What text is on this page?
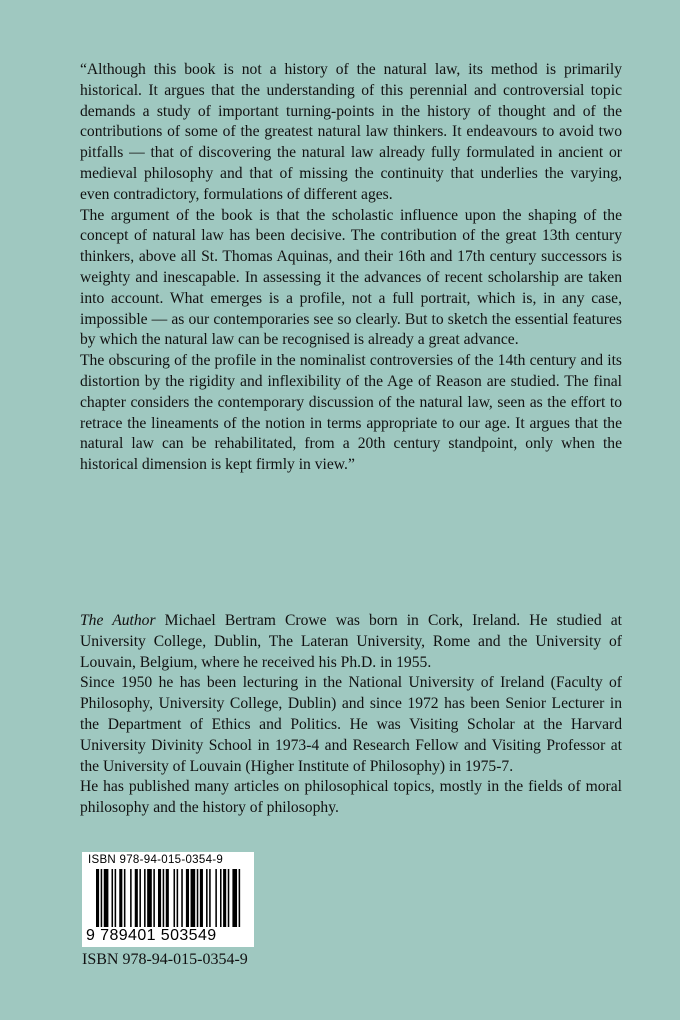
“Although this book is not a history of the natural law, its method is primarily historical. It argues that the understanding of this perennial and controversial topic demands a study of important turning-points in the history of thought and of the contributions of some of the greatest natural law thinkers. It endeavours to avoid two pitfalls — that of discovering the natural law already fully formulated in ancient or medieval philosophy and that of missing the continuity that underlies the varying, even contradictory, formulations of different ages.

The argument of the book is that the scholastic influence upon the shaping of the concept of natural law has been decisive. The contribution of the great 13th century thinkers, above all St. Thomas Aquinas, and their 16th and 17th century successors is weighty and inescapable. In assessing it the advances of recent scholarship are taken into account. What emerges is a profile, not a full portrait, which is, in any case, impossible — as our contemporaries see so clearly. But to sketch the essential features by which the natural law can be recognised is already a great advance.

The obscuring of the profile in the nominalist controversies of the 14th century and its distortion by the rigidity and inflexibility of the Age of Reason are studied. The final chapter considers the contemporary discussion of the natural law, seen as the effort to retrace the lineaments of the notion in terms appropriate to our age. It argues that the natural law can be rehabilitated, from a 20th century standpoint, only when the historical dimension is kept firmly in view.”

The Author Michael Bertram Crowe was born in Cork, Ireland. He studied at University College, Dublin, The Lateran University, Rome and the University of Louvain, Belgium, where he received his Ph.D. in 1955.

Since 1950 he has been lecturing in the National University of Ireland (Faculty of Philosophy, University College, Dublin) and since 1972 has been Senior Lecturer in the Department of Ethics and Politics. He was Visiting Scholar at the Harvard University Divinity School in 1973-4 and Research Fellow and Visiting Professor at the University of Louvain (Higher Institute of Philosophy) in 1975-7.

He has published many articles on philosophical topics, mostly in the fields of moral philosophy and the history of philosophy.

ISBN 978-94-015-0354-9
9 789401 503549
ISBN 978-94-015-0354-9
